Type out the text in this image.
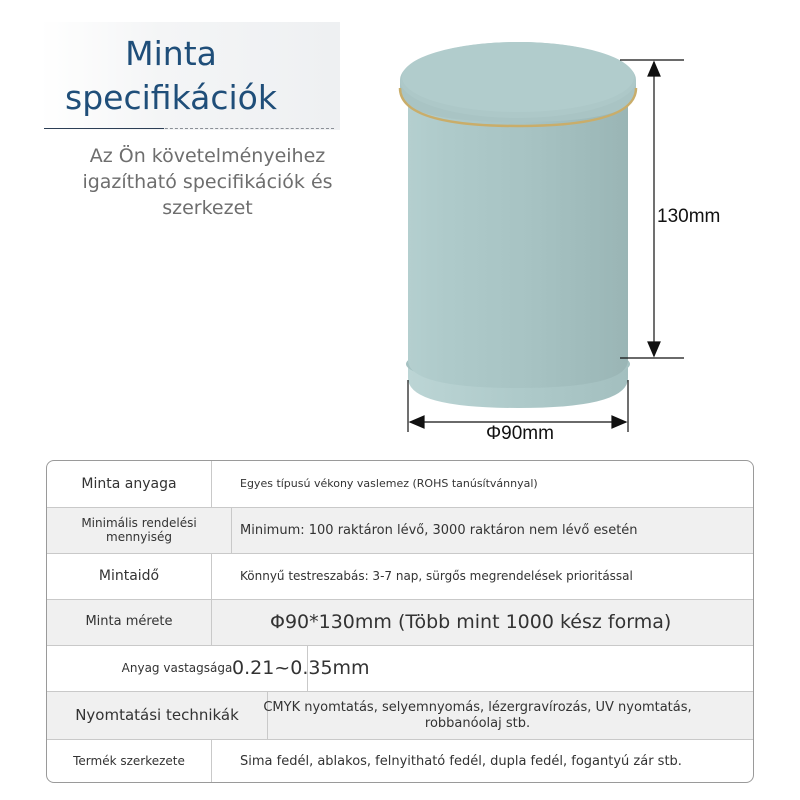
Minta specifikációk
Az Ön követelményeihez igazítható specifikációk és szerkezet	130mm
Φ90mm
Minta anyaga	Egyes típusú vékony vaslemez (ROHS tanúsítvánnyal)
Minimális rendelési mennyiség	Minimum: 100 raktáron lévő, 3000 raktáron nem lévő esetén
Mintaidő	Könnyű testreszabás: 3-7 nap, sürgős megrendelések prioritással
Minta mérete	Φ90*130mm (Több mint 1000 kész forma)
Anyag vastagsága 0.21~0.35mm
Nyomtatási technikák	CMYK nyomtatás, selyemnyomás, lézergravírozás, UV nyomtatás, robbanóolaj stb.
Termék szerkezete	Sima fedél, ablakos, felnyitható fedél, dupla fedél, fogantyú zár stb.
